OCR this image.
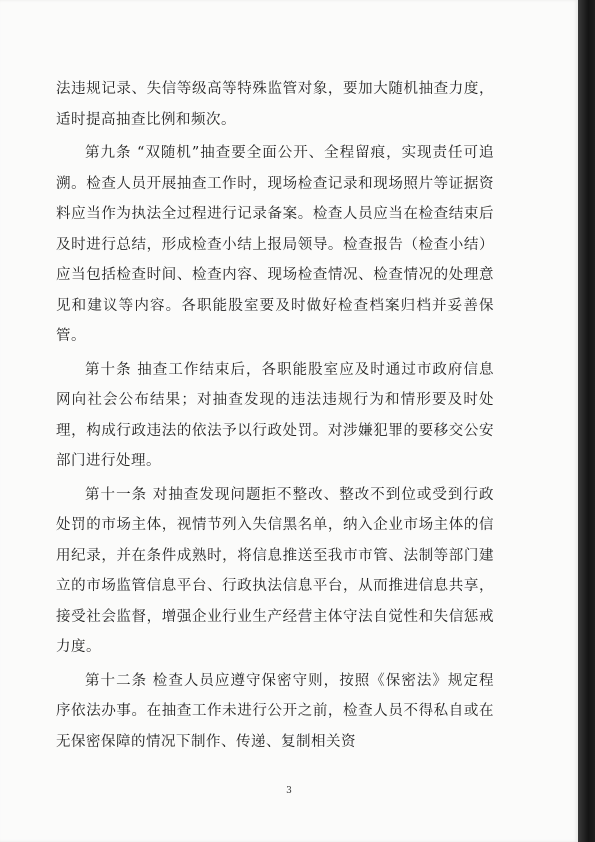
法违规记录、失信等级高等特殊监管对象，要加大随机抽查力度，适时提高抽查比例和频次。

第九条 “双随机”抽查要全面公开、全程留痕，实现责任可追溯。检查人员开展抽查工作时，现场检查记录和现场照片等证据资料应当作为执法全过程进行记录备案。检查人员应当在检查结束后及时进行总结，形成检查小结上报局领导。检查报告（检查小结）应当包括检查时间、检查内容、现场检查情况、检查情况的处理意见和建议等内容。各职能股室要及时做好检查档案归档并妥善保管。

第十条 抽查工作结束后，各职能股室应及时通过市政府信息网向社会公布结果；对抽查发现的违法违规行为和情形要及时处理，构成行政违法的依法予以行政处罚。对涉嫌犯罪的要移交公安部门进行处理。

第十一条 对抽查发现问题拒不整改、整改不到位或受到行政处罚的市场主体，视情节列入失信黑名单，纳入企业市场主体的信用纪录，并在条件成熟时，将信息推送至我市市管、法制等部门建立的市场监管信息平台、行政执法信息平台，从而推进信息共享，接受社会监督，增强企业行业生产经营主体守法自觉性和失信惩戒力度。

第十二条 检查人员应遵守保密守则，按照《保密法》规定程序依法办事。在抽查工作未进行公开之前，检查人员不得私自或在无保密保障的情况下制作、传递、复制相关资

3
